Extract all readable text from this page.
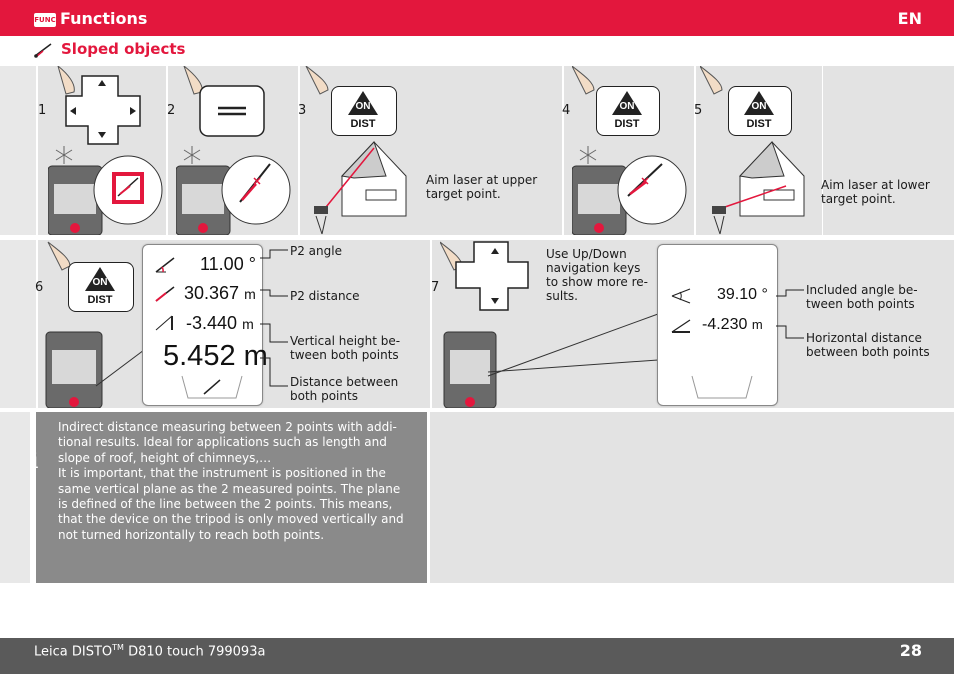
FUNC Functions	EN
Sloped objects
1	2	3	4	5
ON
DIST
Aim laser at upper target point.
ON
DIST
ON
DIST
Aim laser at lower target point.
6	7
ON
DIST
11.00 °
30.367 m
-3.440 m
5.452 m
P2 angle
P2 distance
Vertical height be-tween both points
Distance between both points
Use Up/Down navigation keys to show more re-sults.	39.10 °
-4.230 m
Included angle be-tween both points
Horizontal distance between both points
i
Indirect distance measuring between 2 points with addi-tional results. Ideal for applications such as length and slope of roof, height of chimneys,…
It is important, that the instrument is positioned in the same vertical plane as the 2 measured points. The plane is defined of the line between the 2 points. This means, that the device on the tripod is only moved vertically and not turned horizontally to reach both points.
Leica DISTO™ D810 touch 799093a	28
